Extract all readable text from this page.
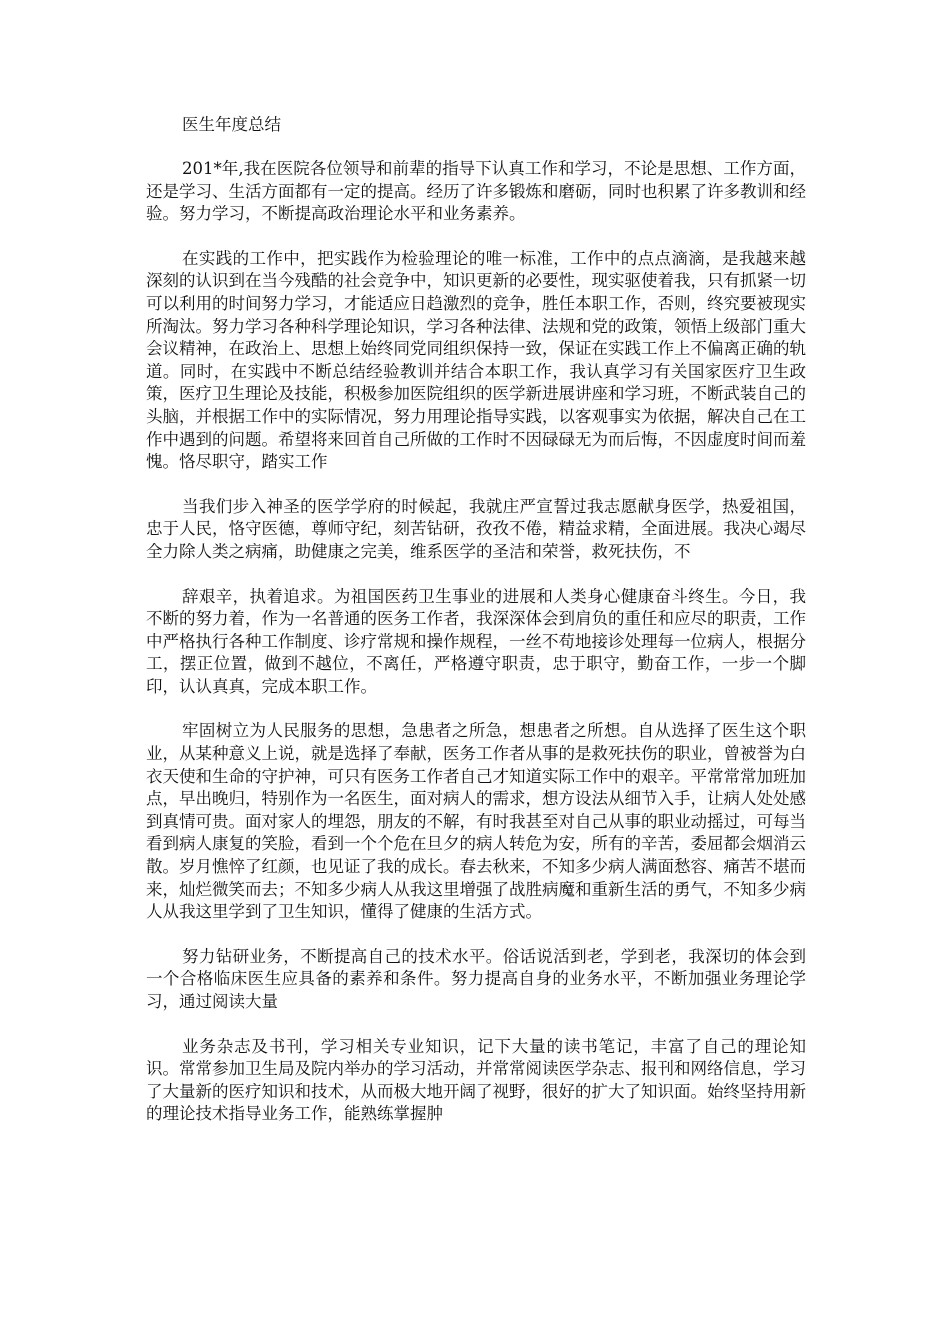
医生年度总结

201*年,我在医院各位领导和前辈的指导下认真工作和学习，不论是思想、工作方面，还是学习、生活方面都有一定的提高。经历了许多锻炼和磨砺，同时也积累了许多教训和经验。努力学习，不断提高政治理论水平和业务素养。

在实践的工作中，把实践作为检验理论的唯一标准，工作中的点点滴滴，是我越来越深刻的认识到在当今残酷的社会竞争中，知识更新的必要性，现实驱使着我，只有抓紧一切可以利用的时间努力学习，才能适应日趋激烈的竞争，胜任本职工作，否则，终究要被现实所淘汰。努力学习各种科学理论知识，学习各种法律、法规和党的政策，领悟上级部门重大会议精神，在政治上、思想上始终同党同组织保持一致，保证在实践工作上不偏离正确的轨道。同时，在实践中不断总结经验教训并结合本职工作，我认真学习有关国家医疗卫生政策，医疗卫生理论及技能，积极参加医院组织的医学新进展讲座和学习班，不断武装自己的头脑，并根据工作中的实际情况，努力用理论指导实践，以客观事实为依据，解决自己在工作中遇到的问题。希望将来回首自己所做的工作时不因碌碌无为而后悔，不因虚度时间而羞愧。恪尽职守，踏实工作

当我们步入神圣的医学学府的时候起，我就庄严宣誓过我志愿献身医学，热爱祖国，忠于人民，恪守医德，尊师守纪，刻苦钻研，孜孜不倦，精益求精，全面进展。我决心竭尽全力除人类之病痛，助健康之完美，维系医学的圣洁和荣誉，救死扶伤，不

辞艰辛，执着追求。为祖国医药卫生事业的进展和人类身心健康奋斗终生。今日，我不断的努力着，作为一名普通的医务工作者，我深深体会到肩负的重任和应尽的职责，工作中严格执行各种工作制度、诊疗常规和操作规程，一丝不苟地接诊处理每一位病人，根据分工，摆正位置，做到不越位，不离任，严格遵守职责，忠于职守，勤奋工作，一步一个脚印，认认真真，完成本职工作。

牢固树立为人民服务的思想，急患者之所急，想患者之所想。自从选择了医生这个职业，从某种意义上说，就是选择了奉献，医务工作者从事的是救死扶伤的职业，曾被誉为白衣天使和生命的守护神，可只有医务工作者自己才知道实际工作中的艰辛。平常常常加班加点，早出晚归，特别作为一名医生，面对病人的需求，想方设法从细节入手，让病人处处感到真情可贵。面对家人的埋怨，朋友的不解，有时我甚至对自己从事的职业动摇过，可每当看到病人康复的笑脸，看到一个个危在旦夕的病人转危为安，所有的辛苦，委屈都会烟消云散。岁月憔悴了红颜，也见证了我的成长。春去秋来，不知多少病人满面愁容、痛苦不堪而来，灿烂微笑而去；不知多少病人从我这里增强了战胜病魔和重新生活的勇气，不知多少病人从我这里学到了卫生知识，懂得了健康的生活方式。

努力钻研业务，不断提高自己的技术水平。俗话说活到老，学到老，我深切的体会到一个合格临床医生应具备的素养和条件。努力提高自身的业务水平，不断加强业务理论学习，通过阅读大量

业务杂志及书刊，学习相关专业知识，记下大量的读书笔记，丰富了自己的理论知识。常常参加卫生局及院内举办的学习活动，并常常阅读医学杂志、报刊和网络信息，学习了大量新的医疗知识和技术，从而极大地开阔了视野，很好的扩大了知识面。始终坚持用新的理论技术指导业务工作，能熟练掌握肿
